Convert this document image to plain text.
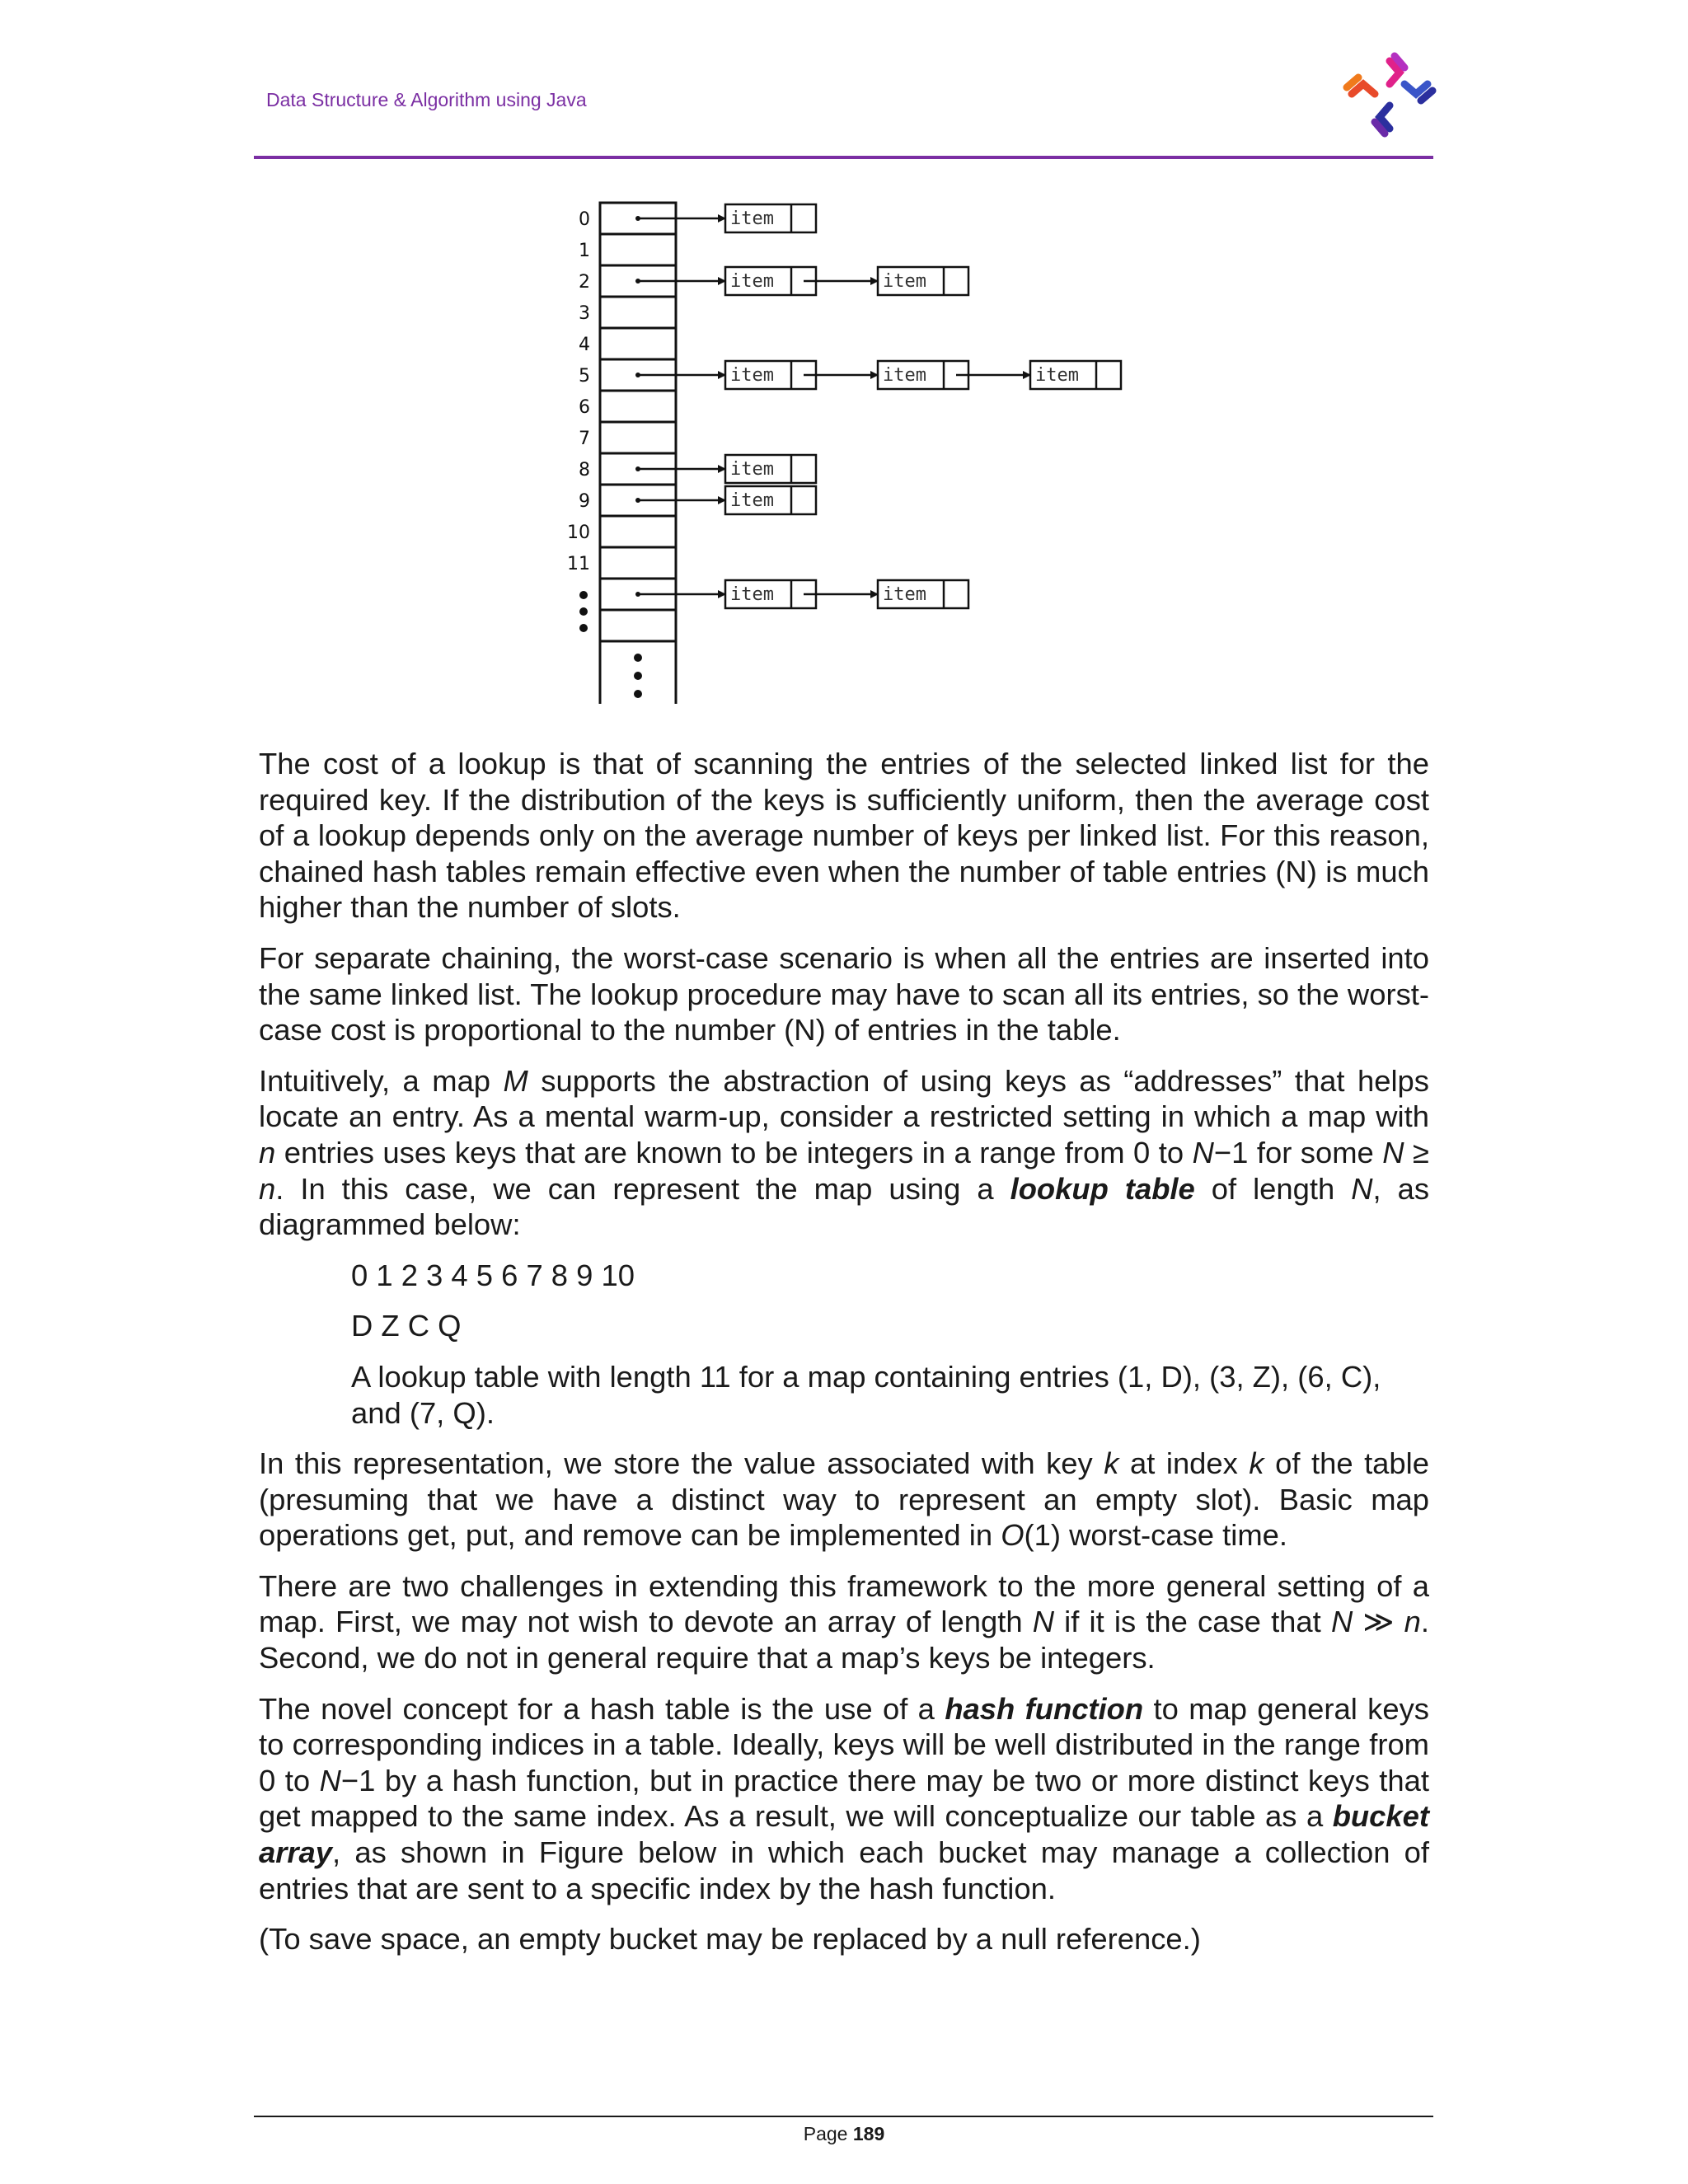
Data Structure & Algorithm using Java
0
1
2
3
4
5
6
7
8
9
10
11
item
item	item
item	item	item
item
item
item	item

The cost of a lookup is that of scanning the entries of the selected linked list for the required key. If the distribution of the keys is sufficiently uniform, then the average cost of a lookup depends only on the average number of keys per linked list. For this reason, chained hash tables remain effective even when the number of table entries (N) is much higher than the number of slots.

For separate chaining, the worst-case scenario is when all the entries are inserted into the same linked list. The lookup procedure may have to scan all its entries, so the worst-case cost is proportional to the number (N) of entries in the table.

Intuitively, a map M supports the abstraction of using keys as “addresses” that helps locate an entry. As a mental warm-up, consider a restricted setting in which a map with n entries uses keys that are known to be integers in a range from 0 to N−1 for some N ≥ n. In this case, we can represent the map using a lookup table of length N, as diagrammed below:

0 1 2 3 4 5 6 7 8 9 10

D Z C Q

A lookup table with length 11 for a map containing entries (1, D), (3, Z), (6, C), and (7, Q).

In this representation, we store the value associated with key k at index k of the table (presuming that we have a distinct way to represent an empty slot). Basic map operations get, put, and remove can be implemented in O(1) worst-case time.

There are two challenges in extending this framework to the more general setting of a map. First, we may not wish to devote an array of length N if it is the case that N ≫ n. Second, we do not in general require that a map’s keys be integers.

The novel concept for a hash table is the use of a hash function to map general keys to corresponding indices in a table. Ideally, keys will be well distributed in the range from 0 to N−1 by a hash function, but in practice there may be two or more distinct keys that get mapped to the same index. As a result, we will conceptualize our table as a bucket array, as shown in Figure below in which each bucket may manage a collection of entries that are sent to a specific index by the hash function.

(To save space, an empty bucket may be replaced by a null reference.)

Page 189
